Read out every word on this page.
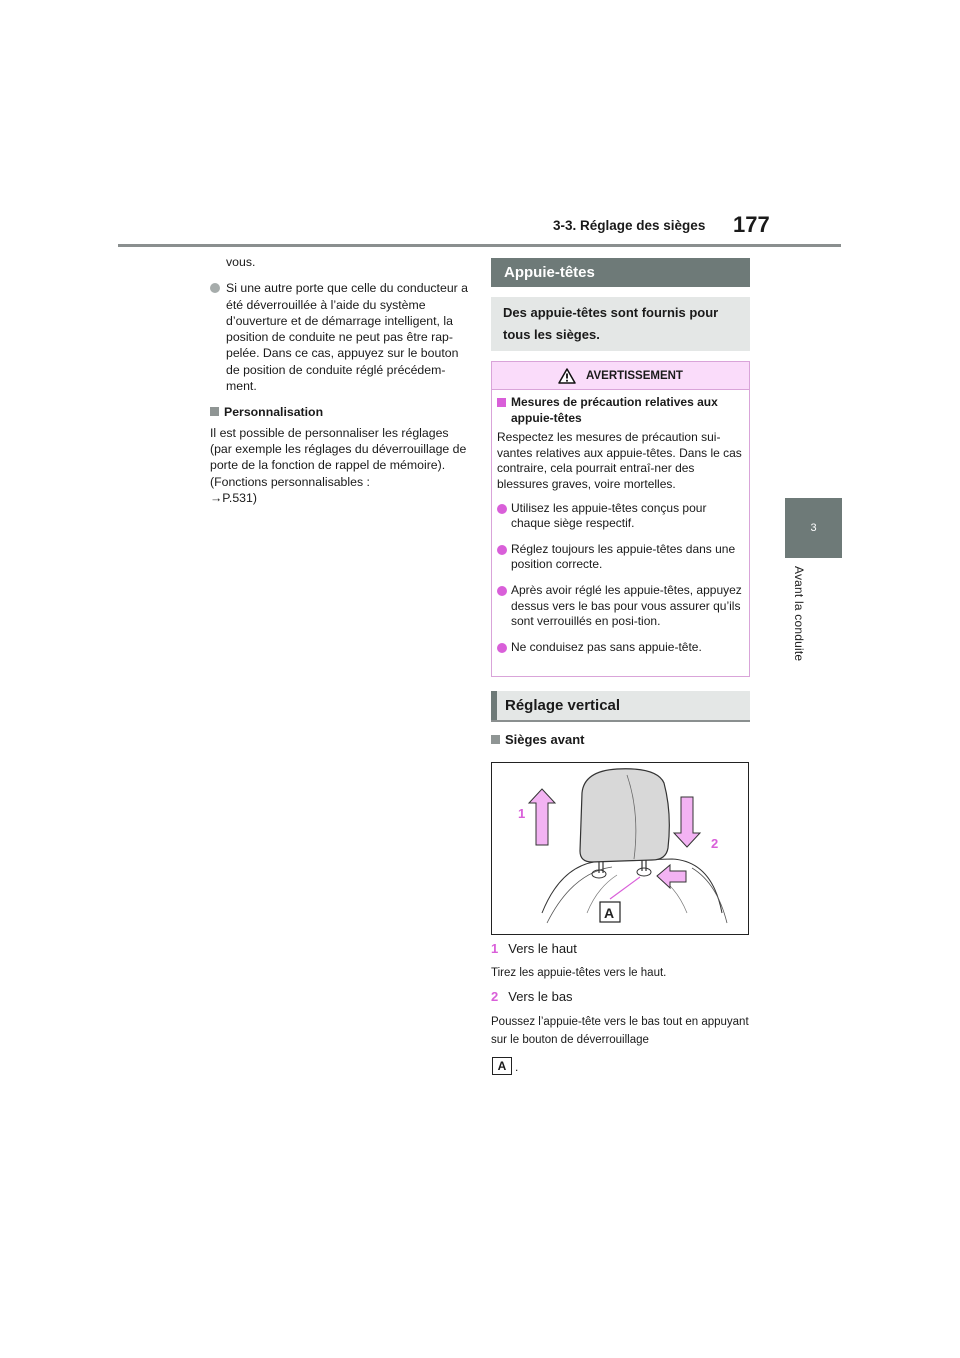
3-3. Réglage des sièges 177
3
Avant la conduite

vous.

Si une autre porte que celle du conducteur a été déverrouillée à l’aide du système d’ouverture et de démarrage intelligent, la position de conduite ne peut pas être rap-pelée. Dans ce cas, appuyez sur le bouton de position de conduite réglé précédem-ment.

Personnalisation

Il est possible de personnaliser les réglages (par exemple les réglages du déverrouillage de porte de la fonction de rappel de mémoire). (Fonctions personnalisables :

→P.531)

Appuie-têtes
Des appuie-têtes sont fournis pour tous les sièges.
AVERTISSEMENT

Mesures de précaution relatives aux appuie-têtes

Respectez les mesures de précaution sui-vantes relatives aux appuie-têtes. Dans le cas contraire, cela pourrait entraî-ner des blessures graves, voire mortelles.

Utilisez les appuie-têtes conçus pour chaque siège respectif.

Réglez toujours les appuie-têtes dans une position correcte.

Après avoir réglé les appuie-têtes, appuyez dessus vers le bas pour vous assurer qu’ils sont verrouillés en posi-tion.

Ne conduisez pas sans appuie-tête.

Réglage vertical
Sièges avant
1
2
A
1 Vers le haut
Tirez les appuie-têtes vers le haut.
2 Vers le bas
Poussez l’appuie-tête vers le bas tout en appuyant sur le bouton de déverrouillage
A .
